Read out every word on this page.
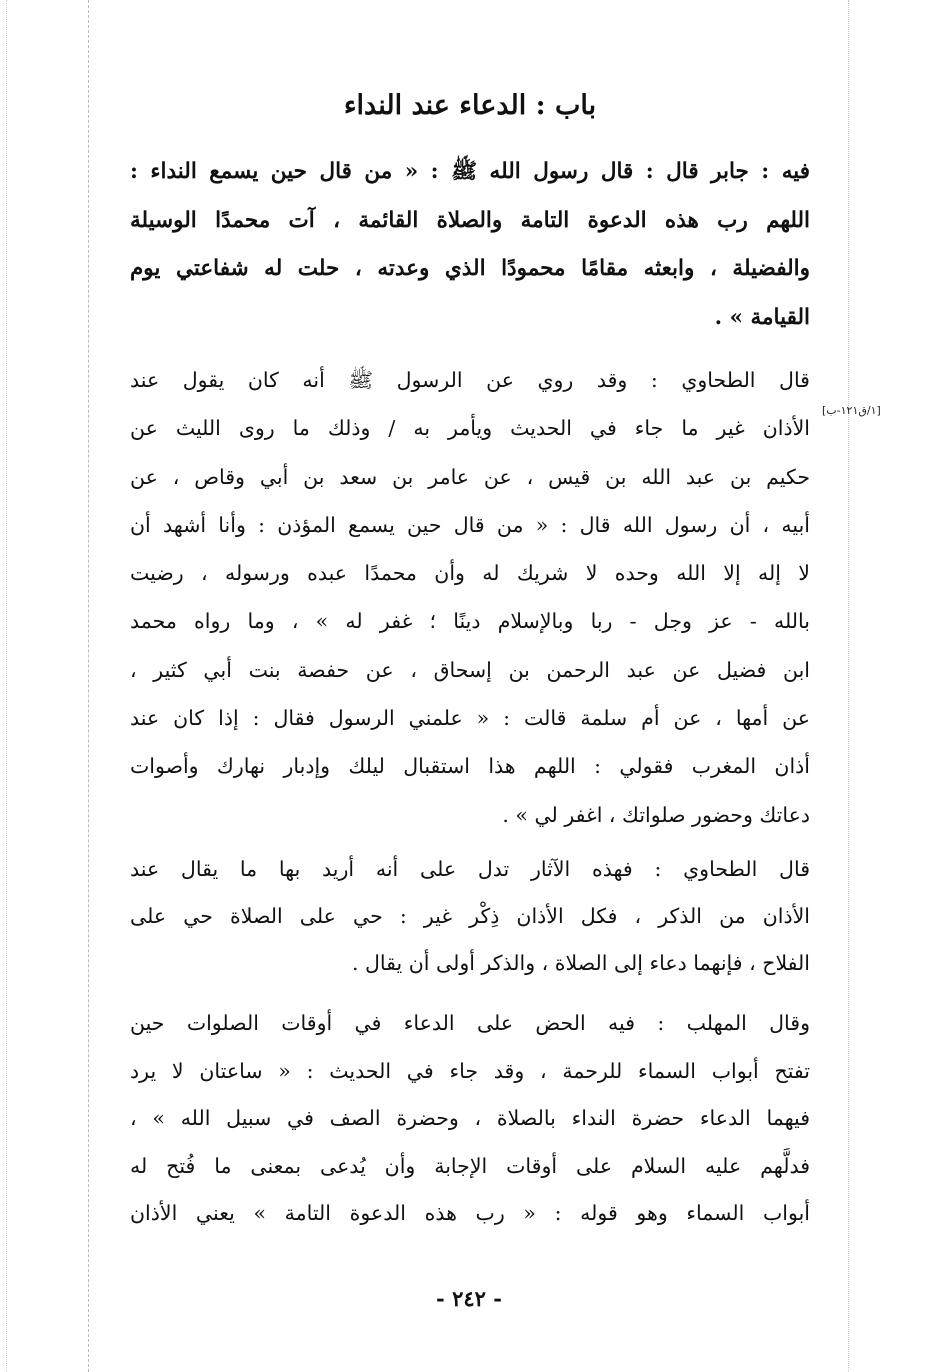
باب : الدعاء عند النداء
[١/ق١٢١-ب]
فيه : جابر قال : قال رسول الله ﷺ : « من قال حين يسمع النداء :
اللهم رب هذه الدعوة التامة والصلاة القائمة ، آت محمدًا الوسيلة
والفضيلة ، وابعثه مقامًا محمودًا الذي وعدته ، حلت له شفاعتي يوم
القيامة » .
قال الطحاوي : وقد روي عن الرسول ﷺ أنه كان يقول عند
الأذان غير ما جاء في الحديث ويأمر به / وذلك ما روى الليث عن
حكيم بن عبد الله بن قيس ، عن عامر بن سعد بن أبي وقاص ، عن
أبيه ، أن رسول الله قال : « من قال حين يسمع المؤذن : وأنا أشهد أن
لا إله إلا الله وحده لا شريك له وأن محمدًا عبده ورسوله ، رضيت
بالله - عز وجل - ربا وبالإسلام دينًا ؛ غفر له » ، وما رواه محمد
ابن فضيل عن عبد الرحمن بن إسحاق ، عن حفصة بنت أبي كثير ،
عن أمها ، عن أم سلمة قالت : « علمني الرسول فقال : إذا كان عند
أذان المغرب فقولي : اللهم هذا استقبال ليلك وإدبار نهارك وأصوات
دعاتك وحضور صلواتك ، اغفر لي » .
قال الطحاوي : فهذه الآثار تدل على أنه أريد بها ما يقال عند
الأذان من الذكر ، فكل الأذان ذِكْر غير : حي على الصلاة حي على
الفلاح ، فإنهما دعاء إلى الصلاة ، والذكر أولى أن يقال .
وقال المهلب : فيه الحض على الدعاء في أوقات الصلوات حين
تفتح أبواب السماء للرحمة ، وقد جاء في الحديث : « ساعتان لا يرد
فيهما الدعاء حضرة النداء بالصلاة ، وحضرة الصف في سبيل الله » ،
فدلَّهم عليه السلام على أوقات الإجابة وأن يُدعى بمعنى ما فُتح له
أبواب السماء وهو قوله : « رب هذه الدعوة التامة » يعني الأذان
- ٢٤٢ -
